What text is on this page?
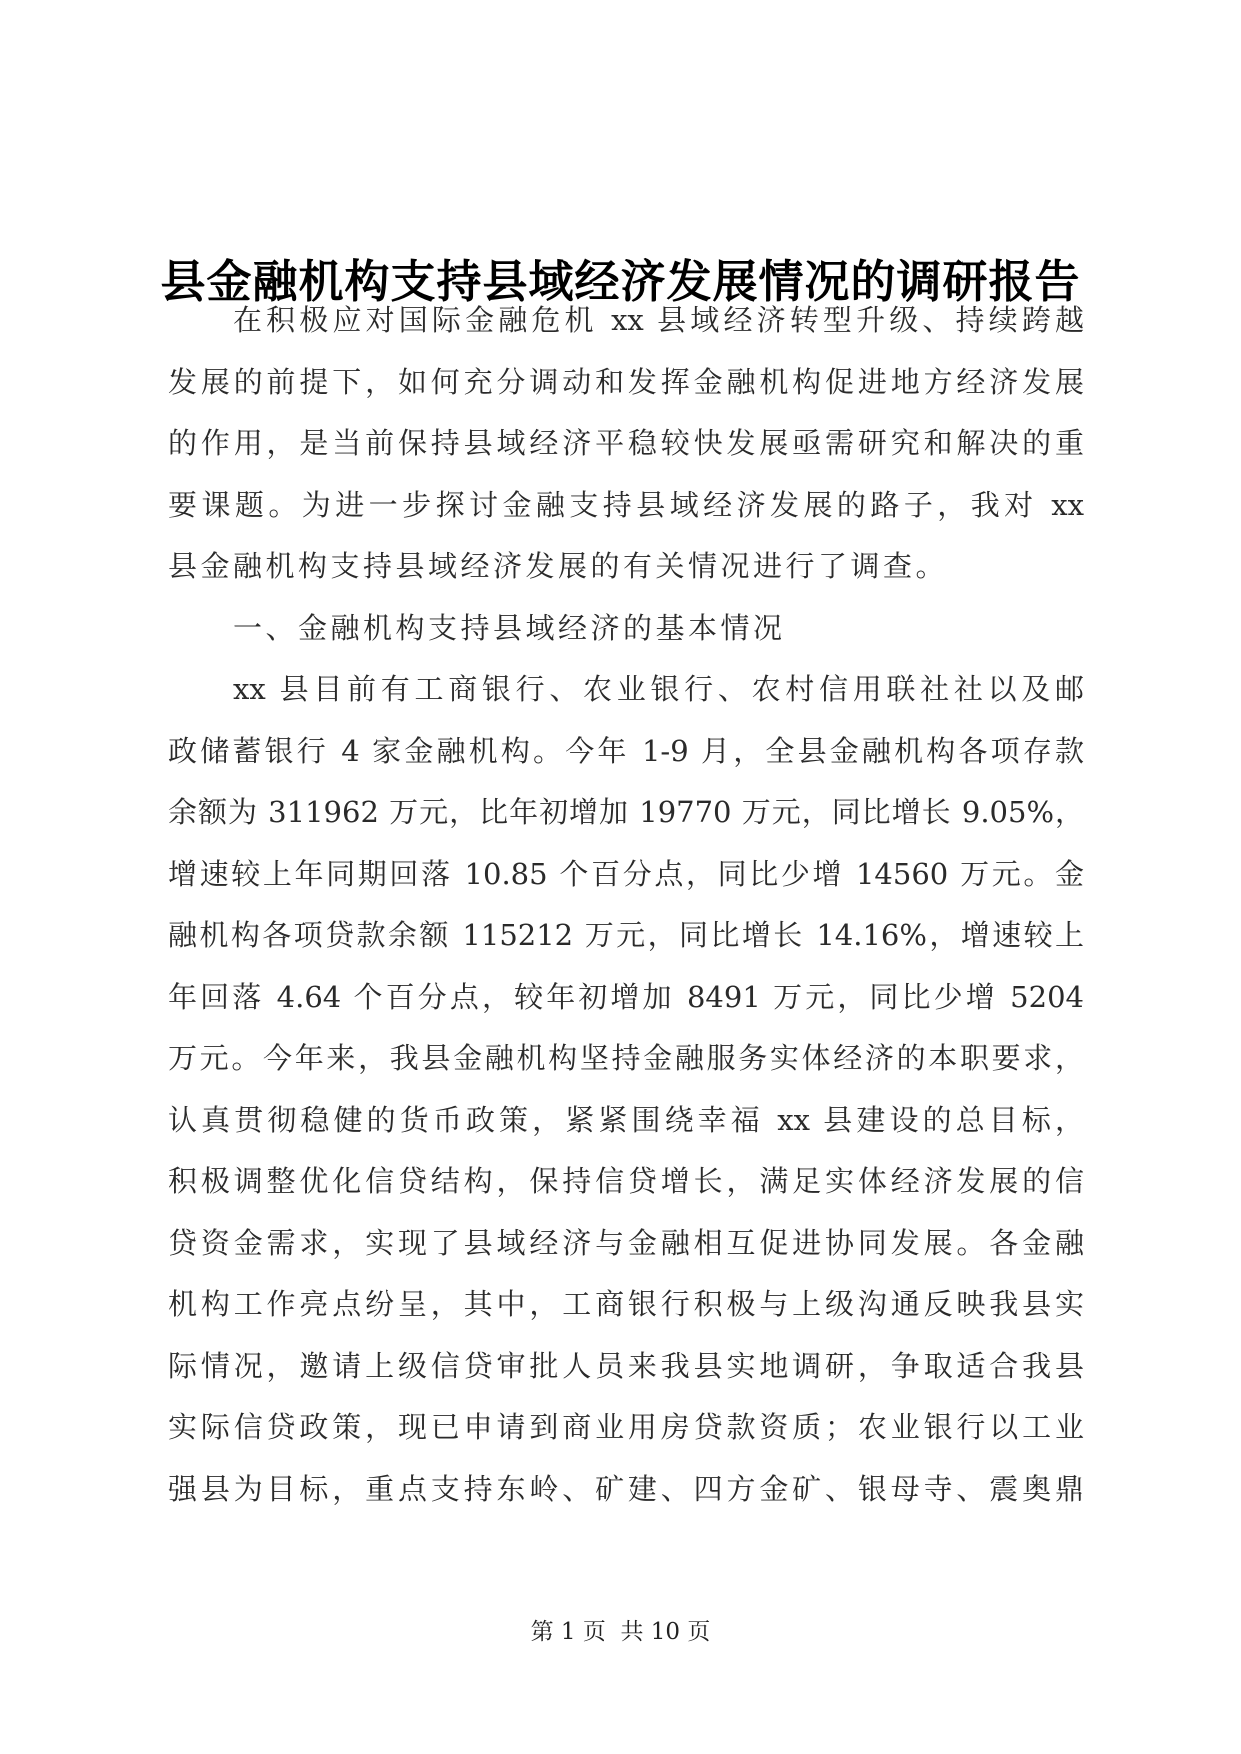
县金融机构支持县域经济发展情况的调研报告
在积极应对国际金融危机 xx 县域经济转型升级、持续跨越
发展的前提下，如何充分调动和发挥金融机构促进地方经济发展
的作用，是当前保持县域经济平稳较快发展亟需研究和解决的重
要课题。为进一步探讨金融支持县域经济发展的路子，我对 xx
县金融机构支持县域经济发展的有关情况进行了调查。
一、金融机构支持县域经济的基本情况
xx 县目前有工商银行、农业银行、农村信用联社社以及邮
政储蓄银行 4 家金融机构。今年 1-9 月，全县金融机构各项存款
余额为 311962 万元，比年初增加 19770 万元，同比增长 9.05%，
增速较上年同期回落 10.85 个百分点，同比少增 14560 万元。金
融机构各项贷款余额 115212 万元，同比增长 14.16%，增速较上
年回落 4.64 个百分点，较年初增加 8491 万元，同比少增 5204
万元。今年来，我县金融机构坚持金融服务实体经济的本职要求，
认真贯彻稳健的货币政策，紧紧围绕幸福 xx 县建设的总目标，
积极调整优化信贷结构，保持信贷增长，满足实体经济发展的信
贷资金需求，实现了县域经济与金融相互促进协同发展。各金融
机构工作亮点纷呈，其中，工商银行积极与上级沟通反映我县实
际情况，邀请上级信贷审批人员来我县实地调研，争取适合我县
实际信贷政策，现已申请到商业用房贷款资质；农业银行以工业
强县为目标，重点支持东岭、矿建、四方金矿、银母寺、震奥鼎
第 1 页  共 10 页
